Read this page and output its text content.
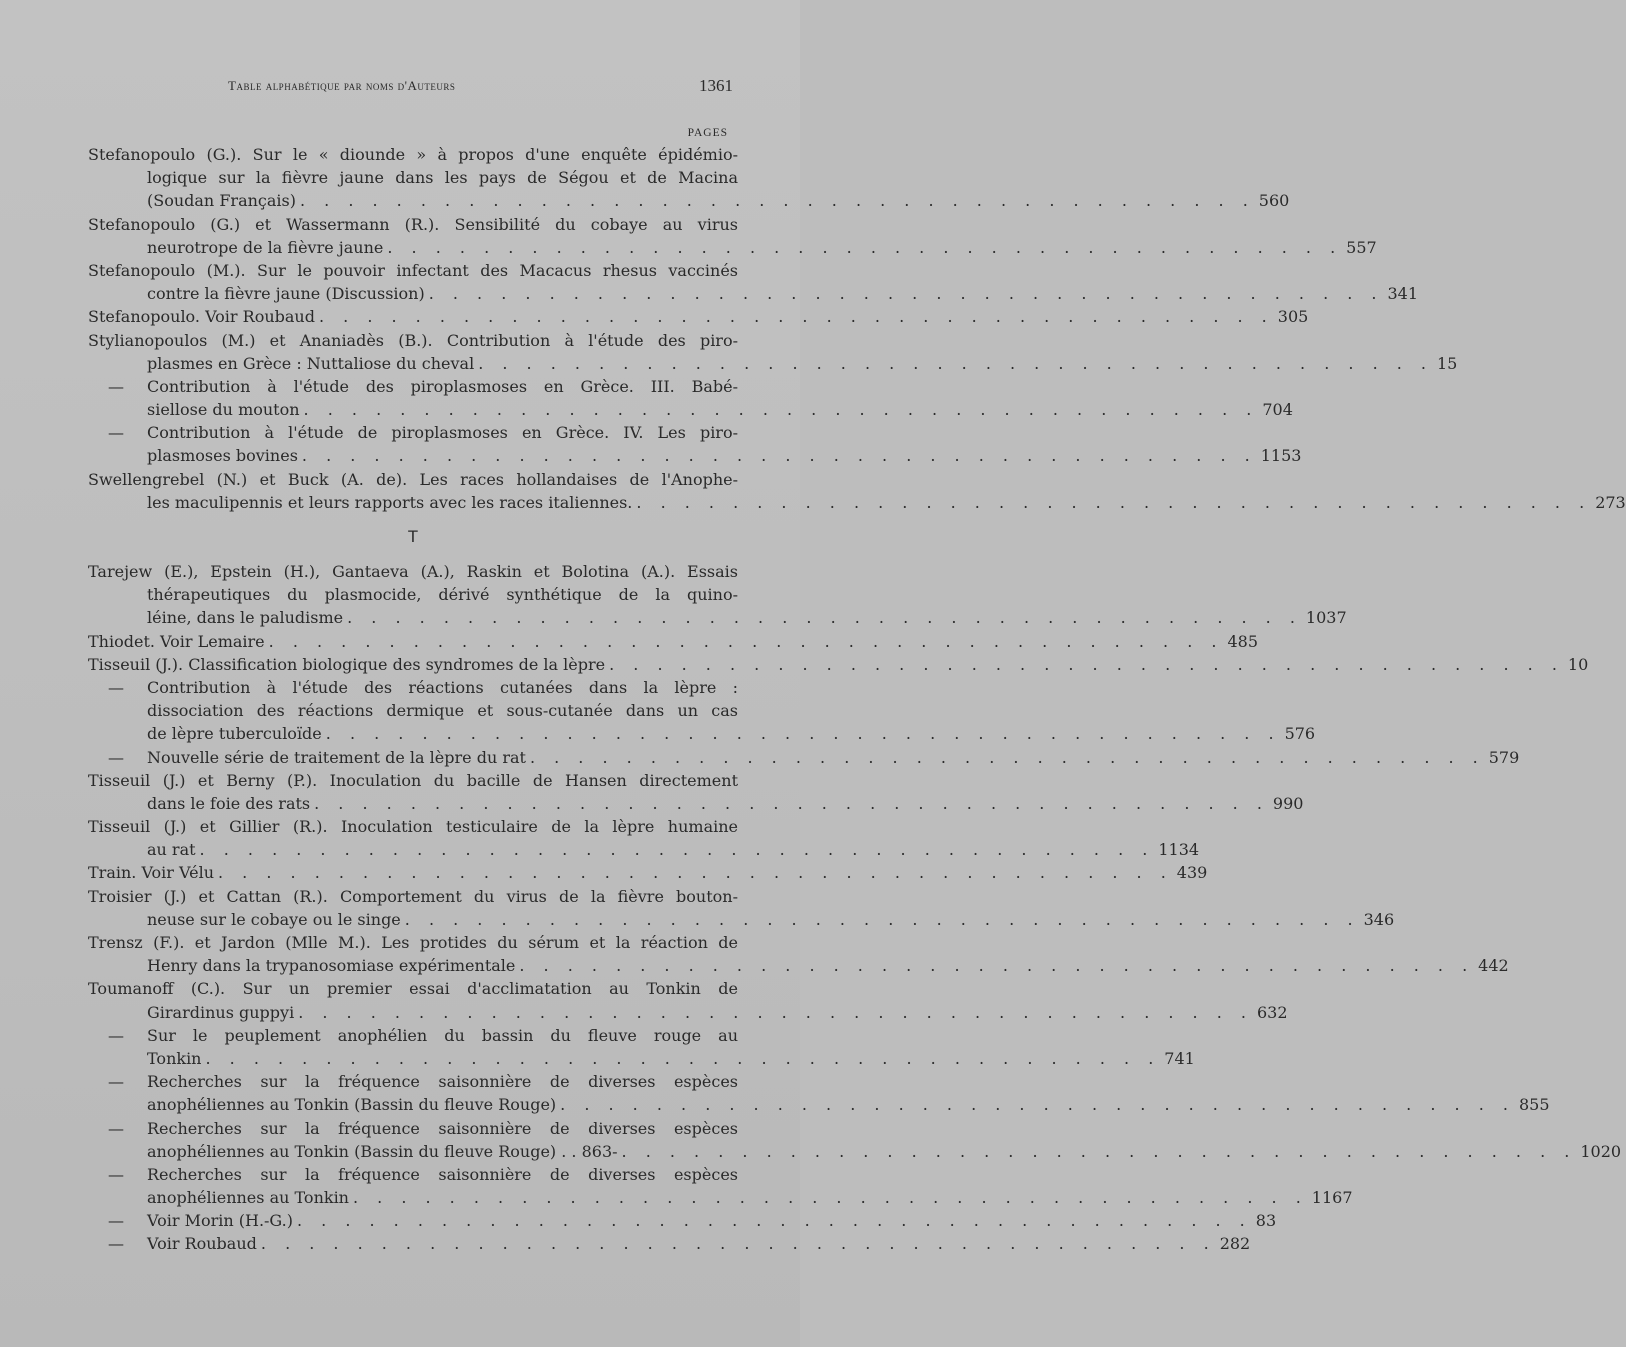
Table alphabétique par noms d'Auteurs	1361
PAGES
Stefanopoulo (G.). Sur le « diounde » à propos d'une enquête épidémio-
logique sur la fièvre jaune dans les pays de Ségou et de Macina
(Soudan Français) . . . . . . . . . . . . . . . . . . . . . . . . . . . . . . . . . . . . . . . . 560
Stefanopoulo (G.) et Wassermann (R.). Sensibilité du cobaye au virus
neurotrope de la fièvre jaune . . . . . . . . . . . . . . . . . . . . . . . . . . . . . . . . . . . . . . . . 557
Stefanopoulo (M.). Sur le pouvoir infectant des Macacus rhesus vaccinés
contre la fièvre jaune (Discussion) . . . . . . . . . . . . . . . . . . . . . . . . . . . . . . . . . . . . . . . . 341
Stefanopoulo. Voir Roubaud . . . . . . . . . . . . . . . . . . . . . . . . . . . . . . . . . . . . . . . . 305
Stylianopoulos (M.) et Ananiadès (B.). Contribution à l'étude des piro-
plasmes en Grèce : Nuttaliose du cheval . . . . . . . . . . . . . . . . . . . . . . . . . . . . . . . . . . . . . . . . 15
—	Contribution à l'étude des piroplasmoses en Grèce. III. Babé-
siellose du mouton . . . . . . . . . . . . . . . . . . . . . . . . . . . . . . . . . . . . . . . . 704
—	Contribution à l'étude de piroplasmoses en Grèce. IV. Les piro-
plasmoses bovines . . . . . . . . . . . . . . . . . . . . . . . . . . . . . . . . . . . . . . . . 1153
Swellengrebel (N.) et Buck (A. de). Les races hollandaises de l'Anophe-
les maculipennis et leurs rapports avec les races italiennes. . . . . . . . . . . . . . . . . . . . . . . . . . . . . . . . . . . . . . . . . 273
T
Tarejew (E.), Epstein (H.), Gantaeva (A.), Raskin et Bolotina (A.). Essais
thérapeutiques du plasmocide, dérivé synthétique de la quino-
léine, dans le paludisme . . . . . . . . . . . . . . . . . . . . . . . . . . . . . . . . . . . . . . . . 1037
Thiodet. Voir Lemaire . . . . . . . . . . . . . . . . . . . . . . . . . . . . . . . . . . . . . . . . 485
Tisseuil (J.). Classification biologique des syndromes de la lèpre . . . . . . . . . . . . . . . . . . . . . . . . . . . . . . . . . . . . . . . . 10
—	Contribution à l'étude des réactions cutanées dans la lèpre :
dissociation des réactions dermique et sous-cutanée dans un cas
de lèpre tuberculoïde . . . . . . . . . . . . . . . . . . . . . . . . . . . . . . . . . . . . . . . . 576
— Nouvelle série de traitement de la lèpre du rat . . . . . . . . . . . . . . . . . . . . . . . . . . . . . . . . . . . . . . . . 579
Tisseuil (J.) et Berny (P.). Inoculation du bacille de Hansen directement
dans le foie des rats . . . . . . . . . . . . . . . . . . . . . . . . . . . . . . . . . . . . . . . . 990
Tisseuil (J.) et Gillier (R.). Inoculation testiculaire de la lèpre humaine
au rat . . . . . . . . . . . . . . . . . . . . . . . . . . . . . . . . . . . . . . . . 1134
Train. Voir Vélu . . . . . . . . . . . . . . . . . . . . . . . . . . . . . . . . . . . . . . . . 439
Troisier (J.) et Cattan (R.). Comportement du virus de la fièvre bouton-
neuse sur le cobaye ou le singe . . . . . . . . . . . . . . . . . . . . . . . . . . . . . . . . . . . . . . . . 346
Trensz (F.). et Jardon (Mlle M.). Les protides du sérum et la réaction de
Henry dans la trypanosomiase expérimentale . . . . . . . . . . . . . . . . . . . . . . . . . . . . . . . . . . . . . . . . 442
Toumanoff (C.). Sur un premier essai d'acclimatation au Tonkin de
Girardinus guppyi . . . . . . . . . . . . . . . . . . . . . . . . . . . . . . . . . . . . . . . . 632
—	Sur le peuplement anophélien du bassin du fleuve rouge au
Tonkin . . . . . . . . . . . . . . . . . . . . . . . . . . . . . . . . . . . . . . . . 741
—	Recherches sur la fréquence saisonnière de diverses espèces
anophéliennes au Tonkin (Bassin du fleuve Rouge) . . . . . . . . . . . . . . . . . . . . . . . . . . . . . . . . . . . . . . . . 855
—	Recherches sur la fréquence saisonnière de diverses espèces
anophéliennes au Tonkin (Bassin du fleuve Rouge) . . 863- . . . . . . . . . . . . . . . . . . . . . . . . . . . . . . . . . . . . . . . . 1020
—	Recherches sur la fréquence saisonnière de diverses espèces
anophéliennes au Tonkin . . . . . . . . . . . . . . . . . . . . . . . . . . . . . . . . . . . . . . . . 1167
— Voir Morin (H.-G.) . . . . . . . . . . . . . . . . . . . . . . . . . . . . . . . . . . . . . . . . 83
— Voir Roubaud . . . . . . . . . . . . . . . . . . . . . . . . . . . . . . . . . . . . . . . . 282
